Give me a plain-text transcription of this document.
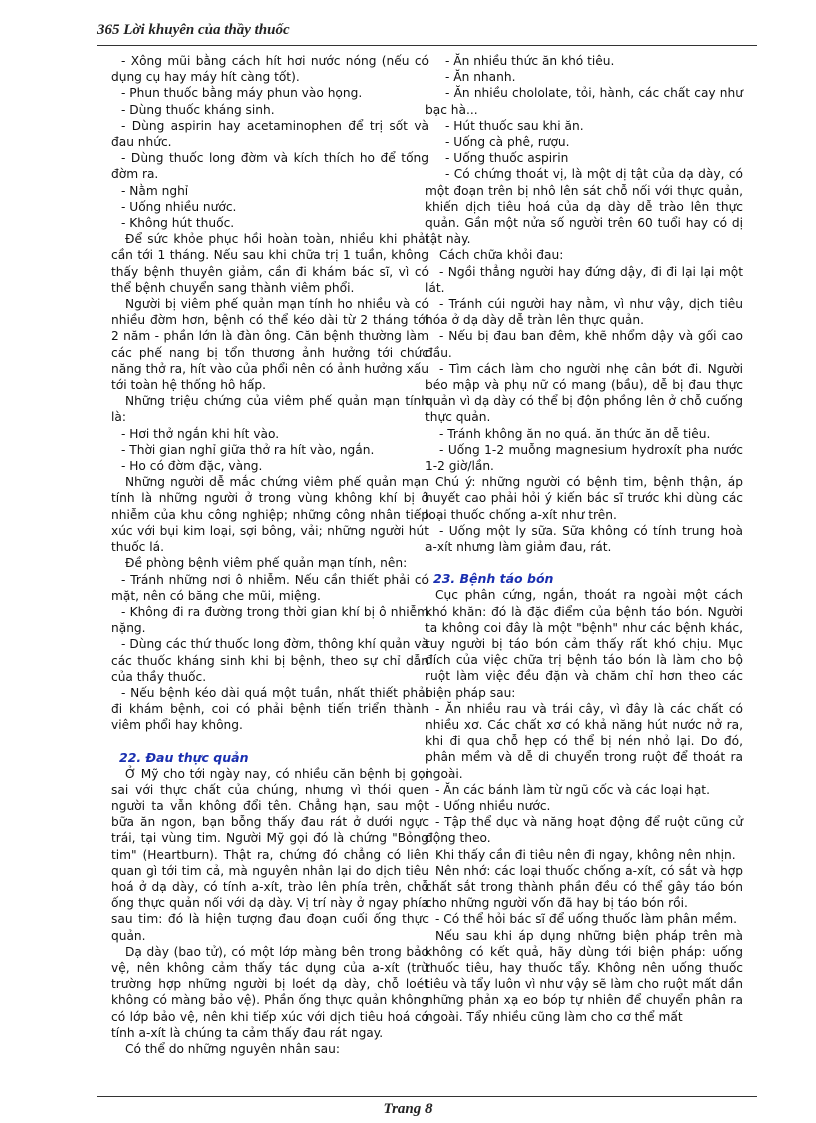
365 Lời khuyên của thầy thuốc

- Xông mũi bằng cách hít hơi nước nóng (nếu có dụng cụ hay máy hít càng tốt).

- Phun thuốc bằng máy phun vào họng.

- Dùng thuốc kháng sinh.

- Dùng aspirin hay acetaminophen để trị sốt và đau nhức.

- Dùng thuốc long đờm và kích thích ho để tống đờm ra.

- Nằm nghỉ

- Uống nhiều nước.

- Không hút thuốc.

Để sức khỏe phục hồi hoàn toàn, nhiều khi phải cần tới 1 tháng. Nếu sau khi chữa trị 1 tuần, không thấy bệnh thuyên giảm, cần đi khám bác sĩ, vì có thể bệnh chuyển sang thành viêm phổi.

Người bị viêm phế quản mạn tính ho nhiều và có nhiều đờm hơn, bệnh có thể kéo dài từ 2 tháng tới 2 năm - phần lớn là đàn ông. Căn bệnh thường làm các phế nang bị tổn thương ảnh hưởng tới chức năng thở ra, hít vào của phổi nên có ảnh hưởng xấu tới toàn hệ thống hô hấp.

Những triệu chứng của viêm phế quản mạn tính là:

- Hơi thở ngắn khi hít vào.

- Thời gian nghỉ giữa thở ra hít vào, ngắn.

- Ho có đờm đặc, vàng.

Những người dễ mắc chứng viêm phế quản mạn tính là những người ở trong vùng không khí bị ô nhiễm của khu công nghiệp; những công nhân tiếp xúc với bụi kim loại, sợi bông, vải; những người hút thuốc lá.

Đề phòng bệnh viêm phế quản mạn tính, nên:

- Tránh những nơi ô nhiễm. Nếu cần thiết phải có mặt, nên có băng che mũi, miệng.

- Không đi ra đường trong thời gian khí bị ô nhiễm nặng.

- Dùng các thứ thuốc long đờm, thông khí quản và các thuốc kháng sinh khi bị bệnh, theo sự chỉ dẫn của thầy thuốc.

- Nếu bệnh kéo dài quá một tuần, nhất thiết phải đi khám bệnh, coi có phải bệnh tiến triển thành viêm phổi hay không.

22. Đau thực quản

Ở Mỹ cho tới ngày nay, có nhiều căn bệnh bị gọi sai với thực chất của chúng, nhưng vì thói quen người ta vẫn không đổi tên. Chẳng hạn, sau một bữa ăn ngon, bạn bỗng thấy đau rát ở dưới ngực trái, tại vùng tim. Người Mỹ gọi đó là chứng "Bỏng tim" (Heartburn). Thật ra, chứng đó chẳng có liên quan gì tới tim cả, mà nguyên nhân lại do dịch tiêu hoá ở dạ dày, có tính a-xít, trào lên phía trên, chỗ ống thực quản nối với dạ dày. Vị trí này ở ngay phía sau tim: đó là hiện tượng đau đoạn cuối ống thực quản.

Dạ dày (bao tử), có một lớp màng bên trong bảo vệ, nên không cảm thấy tác dụng của a-xít (trừ trường hợp những người bị loét dạ dày, chỗ loét không có màng bảo vệ). Phần ống thực quản không có lớp bảo vệ, nên khi tiếp xúc với dịch tiêu hoá có tính a-xít là chúng ta cảm thấy đau rát ngay.

Có thể do những nguyên nhân sau:

- Ăn nhiều thức ăn khó tiêu.

- Ăn nhanh.

- Ăn nhiều chololate, tỏi, hành, các chất cay như bạc hà...

- Hút thuốc sau khi ăn.

- Uống cà phê, rượu.

- Uống thuốc aspirin

- Có chứng thoát vị, là một dị tật của dạ dày, có một đoạn trên bị nhô lên sát chỗ nối với thực quản, khiến dịch tiêu hoá của dạ dày dễ trào lên thực quản. Gần một nửa số người trên 60 tuổi hay có dị tật này.

Cách chữa khỏi đau:

- Ngồi thẳng người hay đứng dậy, đi đi lại lại một lát.

- Tránh cúi người hay nằm, vì như vậy, dịch tiêu hóa ở dạ dày dễ tràn lên thực quản.

- Nếu bị đau ban đêm, khẽ nhổm dậy và gối cao đầu.

- Tìm cách làm cho người nhẹ cân bớt đi. Người béo mập và phụ nữ có mang (bầu), dễ bị đau thực quản vì dạ dày có thể bị độn phồng lên ở chỗ cuống thực quản.

- Tránh không ăn no quá. ăn thức ăn dễ tiêu.

- Uống 1-2 muỗng magnesium hydroxít pha nước 1-2 giờ/lần.

Chú ý: những người có bệnh tim, bệnh thận, áp huyết cao phải hỏi ý kiến bác sĩ trước khi dùng các loại thuốc chống a-xít như trên.

- Uống một ly sữa. Sữa không có tính trung hoà a-xít nhưng làm giảm đau, rát.

23. Bệnh táo bón

Cục phân cứng, ngắn, thoát ra ngoài một cách khó khăn: đó là đặc điểm của bệnh táo bón. Người ta không coi đây là một "bệnh" như các bệnh khác, tuy người bị táo bón cảm thấy rất khó chịu. Mục đích của việc chữa trị bệnh táo bón là làm cho bộ ruột làm việc đều đặn và chăm chỉ hơn theo các biện pháp sau:

- Ăn nhiều rau và trái cây, vì đây là các chất có nhiều xơ. Các chất xơ có khả năng hút nước nở ra, khi đi qua chỗ hẹp có thể bị nén nhỏ lại. Do đó, phân mềm và dễ di chuyển trong ruột để thoát ra ngoài.

- Ăn các bánh làm từ ngũ cốc và các loại hạt.

- Uống nhiều nước.

- Tập thể dục và năng hoạt động để ruột cũng cử động theo.

Khi thấy cần đi tiêu nên đi ngay, không nên nhịn.

Nên nhớ: các loại thuốc chống a-xít, có sắt và hợp chất sắt trong thành phần đều có thể gây táo bón cho những người vốn đã hay bị táo bón rồi.

- Có thể hỏi bác sĩ để uống thuốc làm phân mềm.

Nếu sau khi áp dụng những biện pháp trên mà không có kết quả, hãy dùng tới biện pháp: uống thuốc tiêu, hay thuốc tẩy. Không nên uống thuốc tiêu và tẩy luôn vì như vậy sẽ làm cho ruột mất dần những phản xạ eo bóp tự nhiên để chuyển phân ra ngoài. Tẩy nhiều cũng làm cho cơ thể mất

Trang 8
